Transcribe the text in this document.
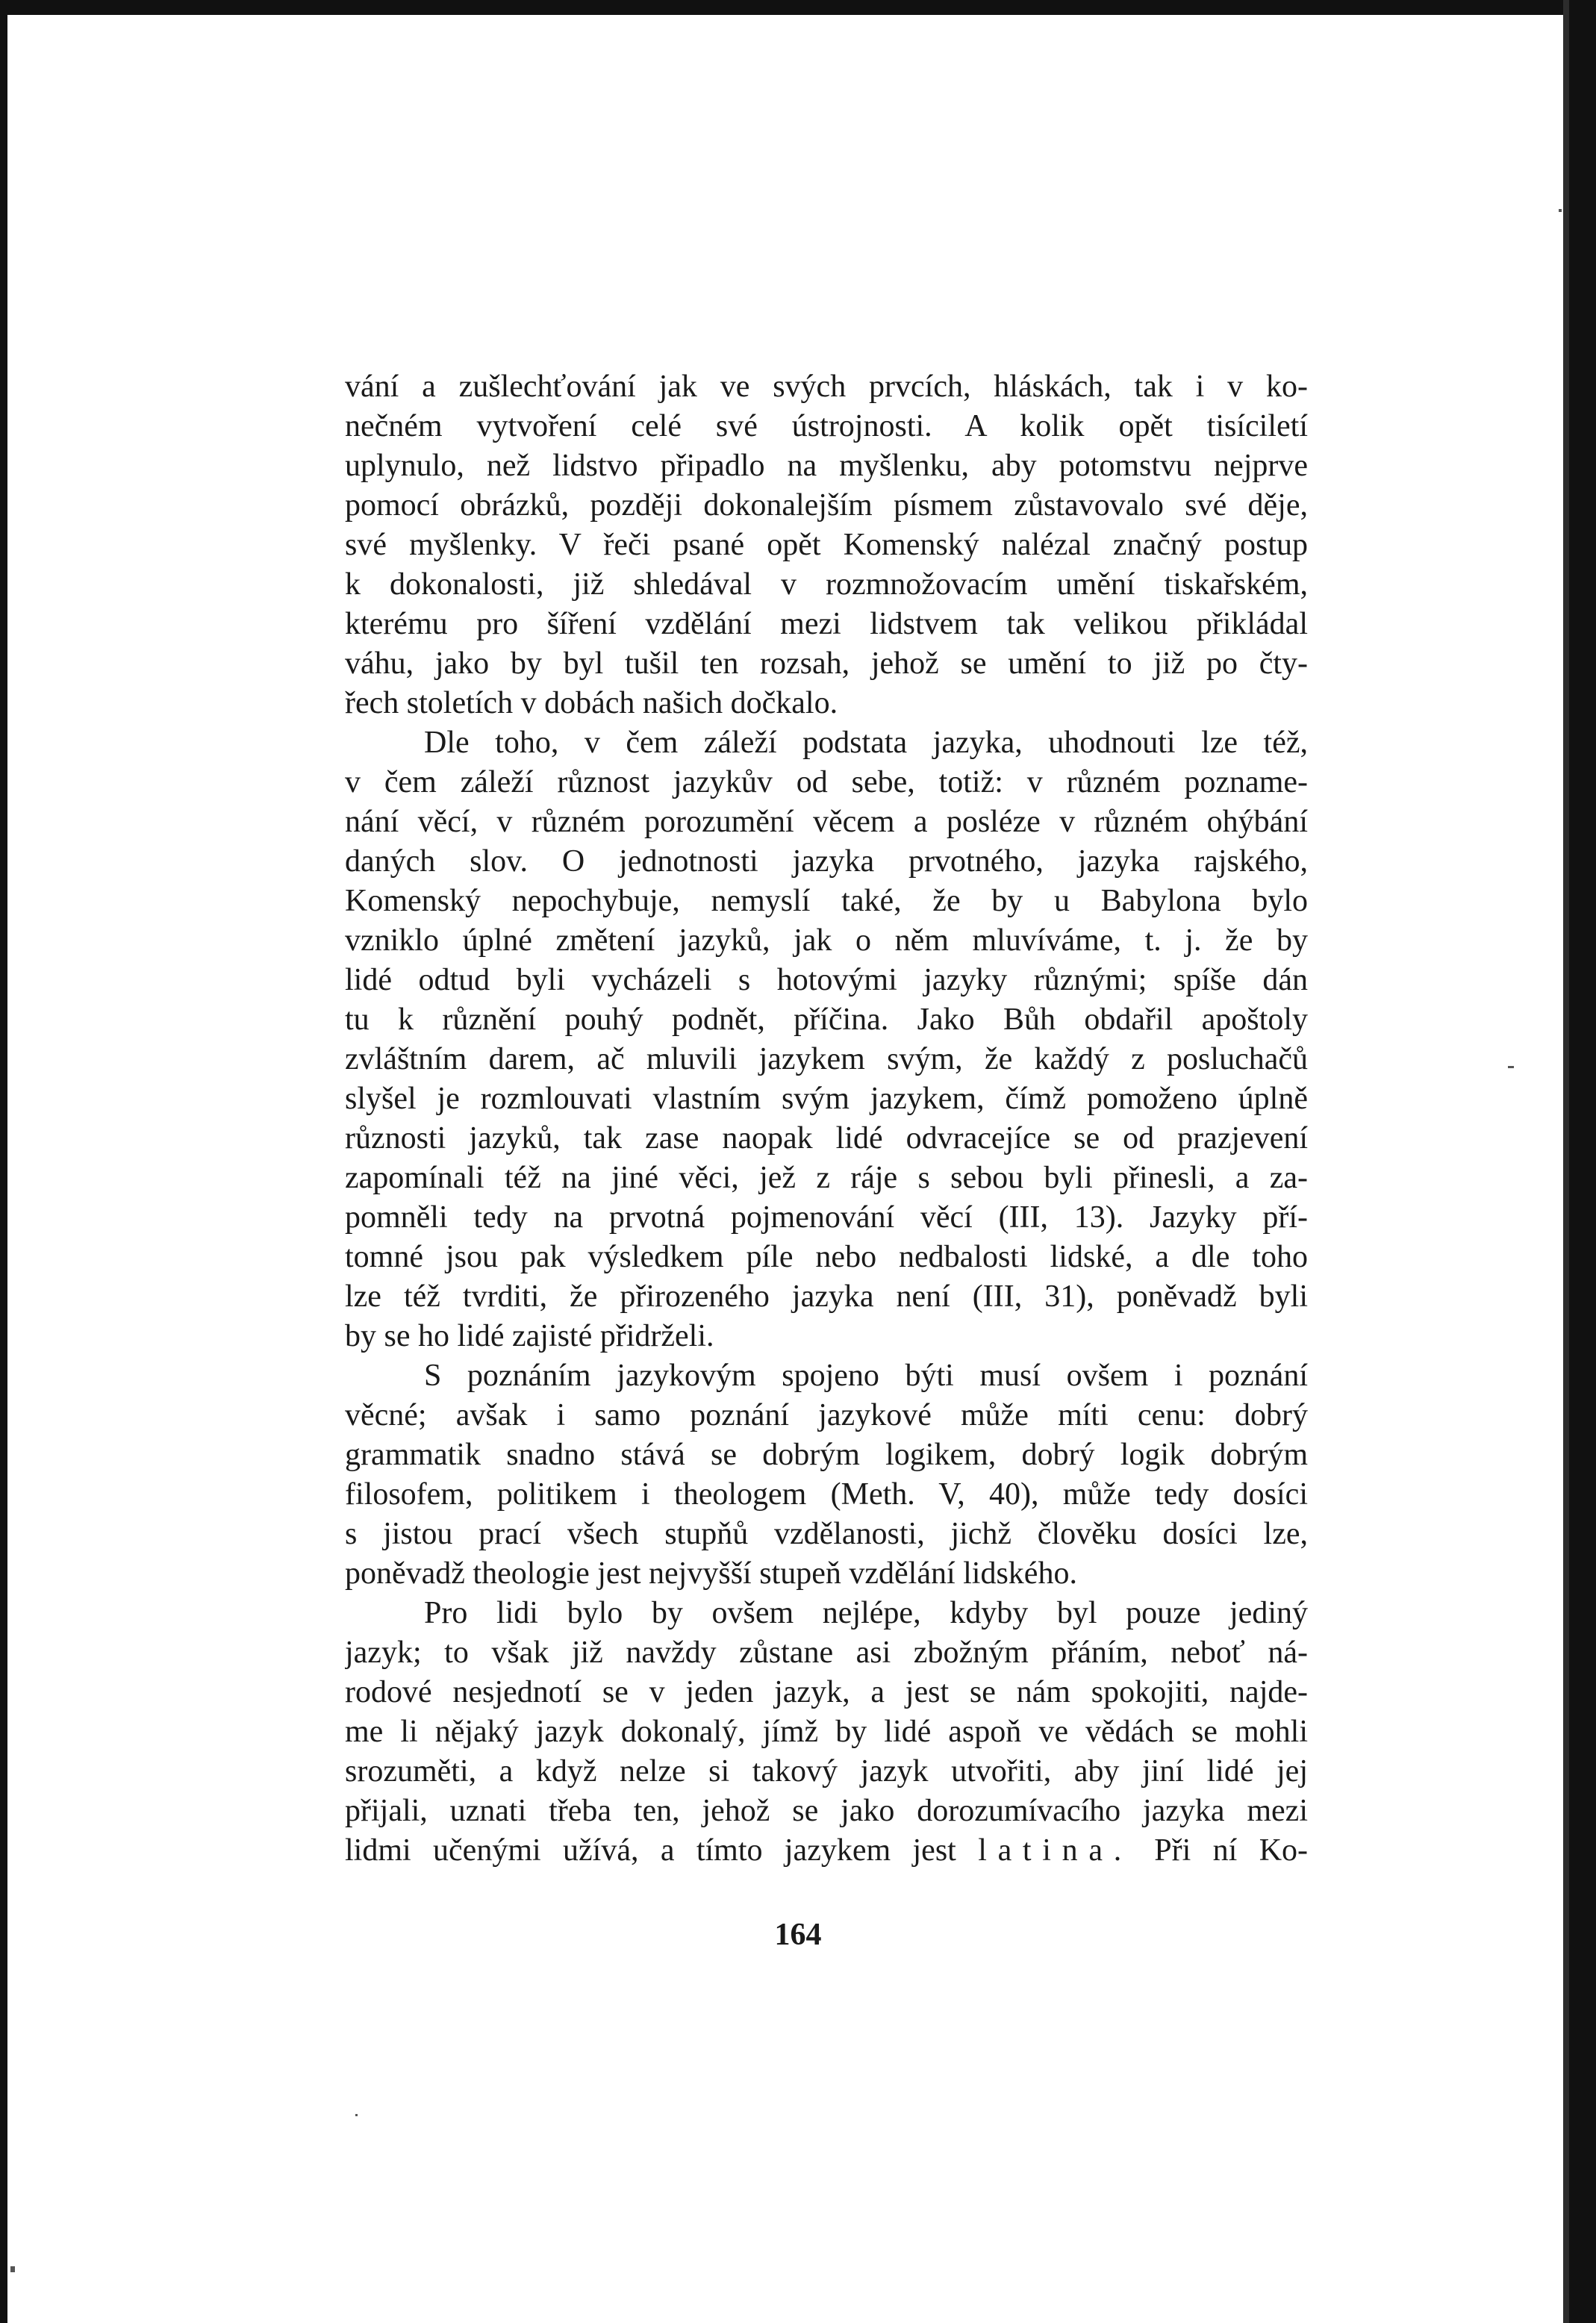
vání a zušlechťování jak ve svých prvcích, hláskách, tak i v ko-
nečném vytvoření celé své ústrojnosti. A kolik opět tisíciletí
uplynulo, než lidstvo připadlo na myšlenku, aby potomstvu nejprve
pomocí obrázků, později dokonalejším písmem zůstavovalo své děje,
své myšlenky. V řeči psané opět Komenský nalézal značný postup
k dokonalosti, již shledával v rozmnožovacím umění tiskařském,
kterému pro šíření vzdělání mezi lidstvem tak velikou přikládal
váhu, jako by byl tušil ten rozsah, jehož se umění to již po čty-
řech stoletích v dobách našich dočkalo.
Dle toho, v čem záleží podstata jazyka, uhodnouti lze též,
v čem záleží různost jazykův od sebe, totiž: v různém pozname-
nání věcí, v různém porozumění věcem a posléze v různém ohýbání
daných slov. O jednotnosti jazyka prvotného, jazyka rajského,
Komenský nepochybuje, nemyslí také, že by u Babylona bylo
vzniklo úplné změtení jazyků, jak o něm mluvíváme, t. j. že by
lidé odtud byli vycházeli s hotovými jazyky různými; spíše dán
tu k různění pouhý podnět, příčina. Jako Bůh obdařil apoštoly
zvláštním darem, ač mluvili jazykem svým, že každý z posluchačů
slyšel je rozmlouvati vlastním svým jazykem, čímž pomoženo úplně
různosti jazyků, tak zase naopak lidé odvracejíce se od prazjevení
zapomínali též na jiné věci, jež z ráje s sebou byli přinesli, a za-
pomněli tedy na prvotná pojmenování věcí (III, 13). Jazyky pří-
tomné jsou pak výsledkem píle nebo nedbalosti lidské, a dle toho
lze též tvrditi, že přirozeného jazyka není (III, 31), poněvadž byli
by se ho lidé zajisté přidrželi.
S poznáním jazykovým spojeno býti musí ovšem i poznání
věcné; avšak i samo poznání jazykové může míti cenu: dobrý
grammatik snadno stává se dobrým logikem, dobrý logik dobrým
filosofem, politikem i theologem (Meth. V, 40), může tedy dosíci
s jistou prací všech stupňů vzdělanosti, jichž člověku dosíci lze,
poněvadž theologie jest nejvyšší stupeň vzdělání lidského.
Pro lidi bylo by ovšem nejlépe, kdyby byl pouze jediný
jazyk; to však již navždy zůstane asi zbožným přáním, neboť ná-
rodové nesjednotí se v jeden jazyk, a jest se nám spokojiti, najde-
me li nějaký jazyk dokonalý, jímž by lidé aspoň ve vědách se mohli
srozuměti, a když nelze si takový jazyk utvořiti, aby jiní lidé jej
přijali, uznati třeba ten, jehož se jako dorozumívacího jazyka mezi
lidmi učenými užívá, a tímto jazykem jest latina. Při ní Ko-
164
